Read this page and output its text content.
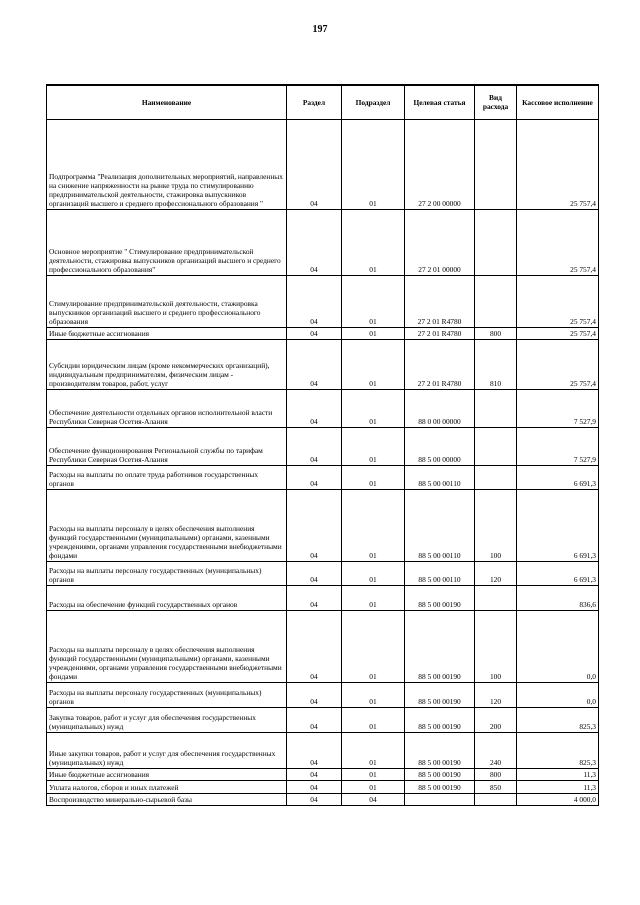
197
Наименование	Раздел	Подраздел	Целевая статья	Вид расхода	Кассовое исполнение
Подпрограмма "Реализация дополнительных мероприятий, направленных на снижение напряженности на рынке труда по стимулированию предпринимательской деятельности, стажировка выпускников организаций высшего и среднего профессионального образования "	04	01	27 2 00 00000		25 757,4
Основное мероприятие " Стимулирование предпринимательской деятельности, стажировка выпускников организаций высшего и среднего профессионального образования"	04	01	27 2 01 00000		25 757,4
Стимулирование предпринимательской деятельности, стажировка выпускников организаций высшего и среднего профессионального образования	04	01	27 2 01 R4780		25 757,4
Иные бюджетные ассигнования	04	01	27 2 01 R4780	800	25 757,4
Субсидии юридическим лицам (кроме некоммерческих организаций), индивидуальным предпринимателям, физическим лицам - производителям товаров, работ, услуг	04	01	27 2 01 R4780	810	25 757,4
Обеспечение деятельности отдельных органов исполнительной власти Республики Северная Осетия-Алания	04	01	88 0 00 00000		7 527,9
Обеспечение функционирования Региональной службы по тарифам Республики Северная Осетия-Алания	04	01	88 5 00 00000		7 527,9
Расходы на выплаты по оплате труда работников государственных органов	04	01	88 5 00 00110		6 691,3
Расходы на выплаты персоналу в целях обеспечения выполнения функций государственными (муниципальными) органами, казенными учреждениями, органами управления государственными внебюджетными фондами	04	01	88 5 00 00110	100	6 691,3
Расходы на выплаты персоналу государственных (муниципальных) органов	04	01	88 5 00 00110	120	6 691,3
Расходы на обеспечение функций государственных органов	04	01	88 5 00 00190		836,6
Расходы на выплаты персоналу в целях обеспечения выполнения функций государственными (муниципальными) органами, казенными учреждениями, органами управления государственными внебюджетными фондами	04	01	88 5 00 00190	100	0,0
Расходы на выплаты персоналу государственных (муниципальных) органов	04	01	88 5 00 00190	120	0,0
Закупка товаров, работ и услуг для обеспечения государственных (муниципальных) нужд	04	01	88 5 00 00190	200	825,3
Иные закупки товаров, работ и услуг для обеспечения государственных (муниципальных) нужд	04	01	88 5 00 00190	240	825,3
Иные бюджетные ассигнования	04	01	88 5 00 00190	800	11,3
Уплата налогов, сборов и иных платежей	04	01	88 5 00 00190	850	11,3
Воспроизводство минерально-сырьевой базы	04	04			4 000,0
